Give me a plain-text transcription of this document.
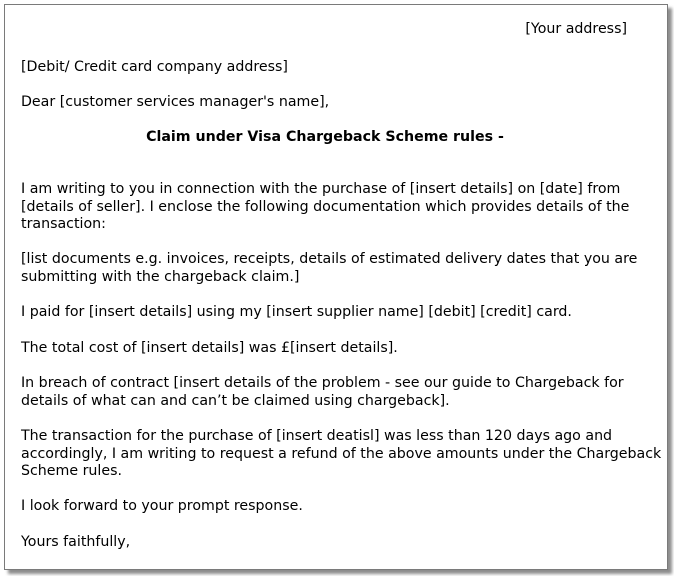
[Your address]
[Debit/ Credit card company address]
Dear [customer services manager's name],
Claim under Visa Chargeback Scheme rules -
I am writing to you in connection with the purchase of [insert details] on [date] from
[details of seller]. I enclose the following documentation which provides details of the
transaction:
[list documents e.g. invoices, receipts, details of estimated delivery dates that you are
submitting with the chargeback claim.]
I paid for [insert details] using my [insert supplier name] [debit] [credit] card.
The total cost of [insert details] was £[insert details].
In breach of contract [insert details of the problem - see our guide to Chargeback for
details of what can and can’t be claimed using chargeback].
The transaction for the purchase of [insert deatisl] was less than 120 days ago and
accordingly, I am writing to request a refund of the above amounts under the Chargeback
Scheme rules.
I look forward to your prompt response.
Yours faithfully,
